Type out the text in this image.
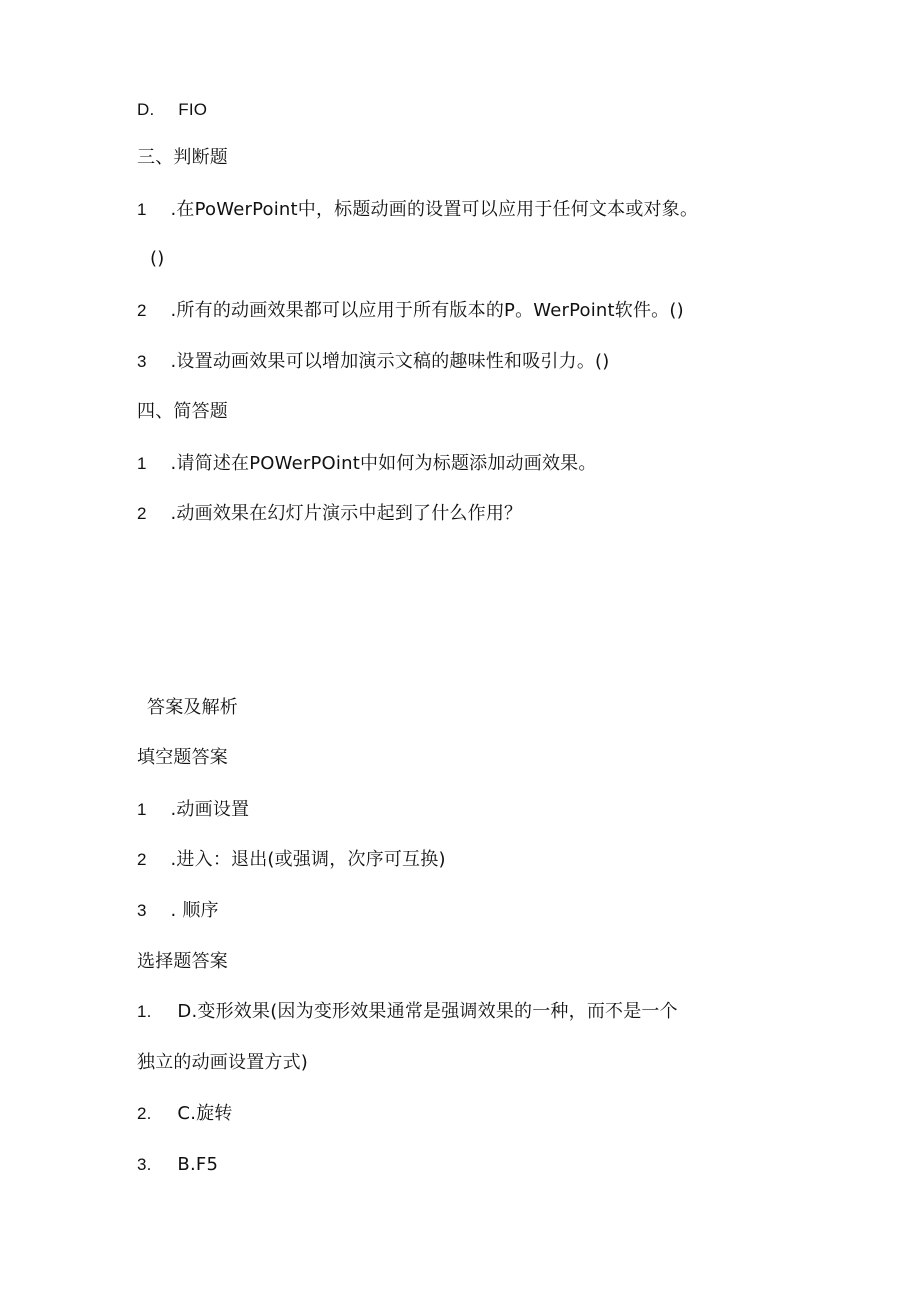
D. FIO
三、判断题
1 .在PoWerPoint中，标题动画的设置可以应用于任何文本或对象。
()
2 .所有的动画效果都可以应用于所有版本的P。WerPoint软件。()
3 .设置动画效果可以增加演示文稿的趣味性和吸引力。()
四、简答题
1 .请简述在POWerPOint中如何为标题添加动画效果。
2 .动画效果在幻灯片演示中起到了什么作用？
答案及解析
填空题答案
1 .动画设置
2 .进入：退出(或强调，次序可互换)
3 . 顺序
选择题答案
1. D.变形效果(因为变形效果通常是强调效果的一种，而不是一个
独立的动画设置方式)
2. C.旋转
3. B.F5
